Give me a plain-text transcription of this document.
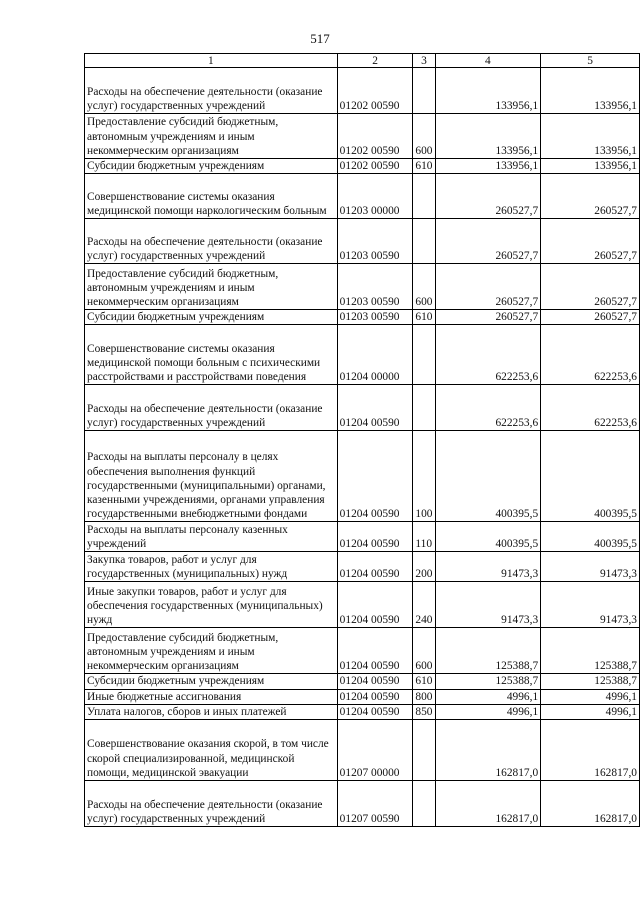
517
1	2	3	4	5
Расходы на обеспечение деятельности (оказание услуг) государственных учреждений	01202 00590		133956,1	133956,1
Предоставление субсидий бюджетным, автономным учреждениям и иным некоммерческим организациям	01202 00590	600	133956,1	133956,1
Субсидии бюджетным учреждениям	01202 00590	610	133956,1	133956,1
Совершенствование системы оказания медицинской помощи наркологическим больным	01203 00000		260527,7	260527,7
Расходы на обеспечение деятельности (оказание услуг) государственных учреждений	01203 00590		260527,7	260527,7
Предоставление субсидий бюджетным, автономным учреждениям и иным некоммерческим организациям	01203 00590	600	260527,7	260527,7
Субсидии бюджетным учреждениям	01203 00590	610	260527,7	260527,7
Совершенствование системы оказания медицинской помощи больным с психическими расстройствами и расстройствами поведения	01204 00000		622253,6	622253,6
Расходы на обеспечение деятельности (оказание услуг) государственных учреждений	01204 00590		622253,6	622253,6
Расходы на выплаты персоналу в целях обеспечения выполнения функций государственными (муниципальными) органами, казенными учреждениями, органами управления государственными внебюджетными фондами	01204 00590	100	400395,5	400395,5
Расходы на выплаты персоналу казенных учреждений	01204 00590	110	400395,5	400395,5
Закупка товаров, работ и услуг для государственных (муниципальных) нужд	01204 00590	200	91473,3	91473,3
Иные закупки товаров, работ и услуг для обеспечения государственных (муниципальных) нужд	01204 00590	240	91473,3	91473,3
Предоставление субсидий бюджетным, автономным учреждениям и иным некоммерческим организациям	01204 00590	600	125388,7	125388,7
Субсидии бюджетным учреждениям	01204 00590	610	125388,7	125388,7
Иные бюджетные ассигнования	01204 00590	800	4996,1	4996,1
Уплата налогов, сборов и иных платежей	01204 00590	850	4996,1	4996,1
Совершенствование оказания скорой, в том числе скорой специализированной, медицинской помощи, медицинской эвакуации	01207 00000		162817,0	162817,0
Расходы на обеспечение деятельности (оказание услуг) государственных учреждений	01207 00590		162817,0	162817,0
